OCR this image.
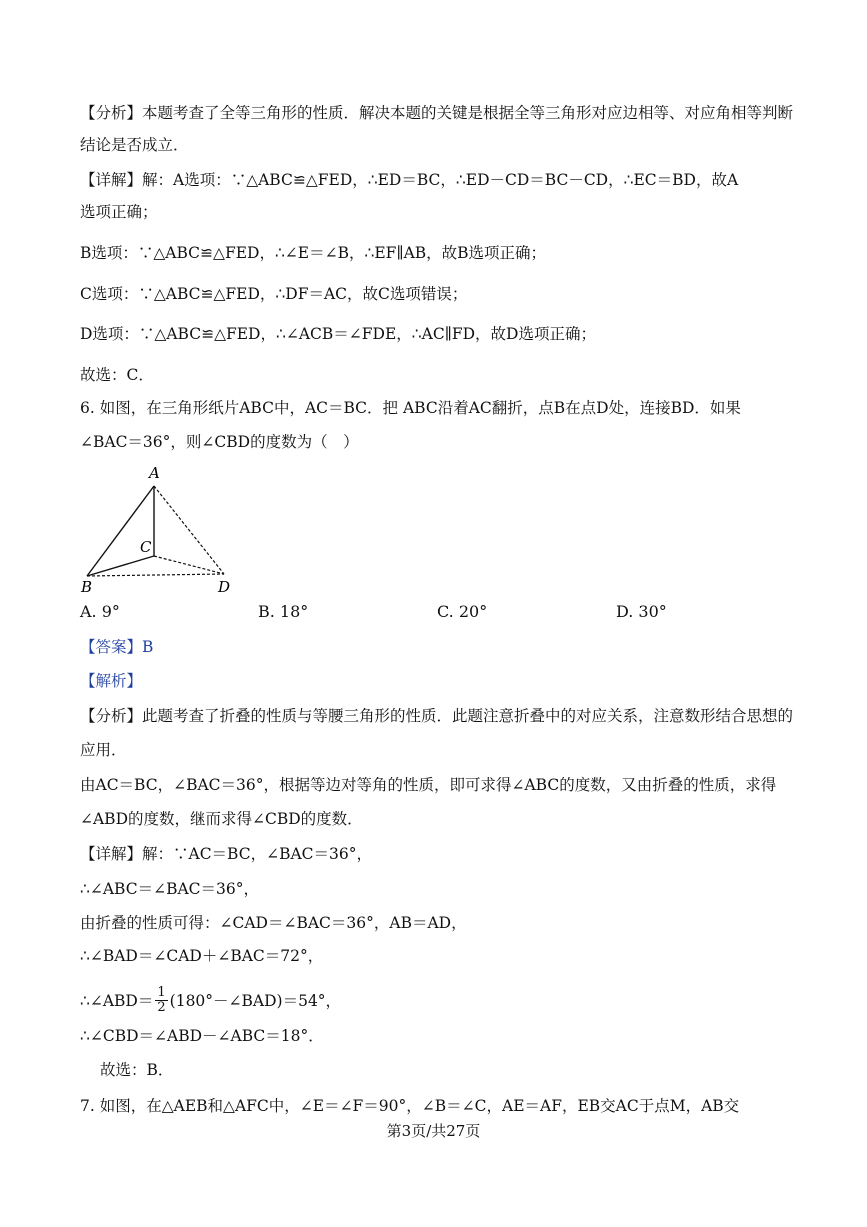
【分析】本题考查了全等三角形的性质．解决本题的关键是根据全等三角形对应边相等、对应角相等判断
结论是否成立．
【详解】解：A选项：∵△ABC≌△FED，∴ED＝BC，∴ED－CD＝BC－CD，∴EC＝BD，故A
选项正确；
B选项：∵△ABC≌△FED，∴∠E＝∠B，∴EF∥AB，故B选项正确；
C选项：∵△ABC≌△FED，∴DF＝AC，故C选项错误；
D选项：∵△ABC≌△FED，∴∠ACB＝∠FDE，∴AC∥FD，故D选项正确；
故选：C．
6. 如图，在三角形纸片ABC中，AC＝BC．把 ABC沿着AC翻折，点B在点D处，连接BD．如果
∠BAC＝36°，则∠CBD的度数为（　）
A
C
B	D
A. 9°	B. 18°	C. 20°	D. 30°
【答案】B
【解析】
【分析】此题考查了折叠的性质与等腰三角形的性质．此题注意折叠中的对应关系，注意数形结合思想的
应用．
由AC＝BC，∠BAC＝36°，根据等边对等角的性质，即可求得∠ABC的度数，又由折叠的性质，求得
∠ABD的度数，继而求得∠CBD的度数．
【详解】解：∵AC＝BC，∠BAC＝36°，
∴∠ABC＝∠BAC＝36°，
由折叠的性质可得：∠CAD＝∠BAC＝36°，AB＝AD，
∴∠BAD＝∠CAD＋∠BAC＝72°，
∴∠ABD＝ $\frac{1}{2}$ (180°－∠BAD)＝54°，
∴∠CBD＝∠ABD－∠ABC＝18°．
故选：B．
7. 如图，在△AEB和△AFC中，∠E＝∠F＝90°，∠B＝∠C，AE＝AF，EB交AC于点M，AB交
第3页/共27页
